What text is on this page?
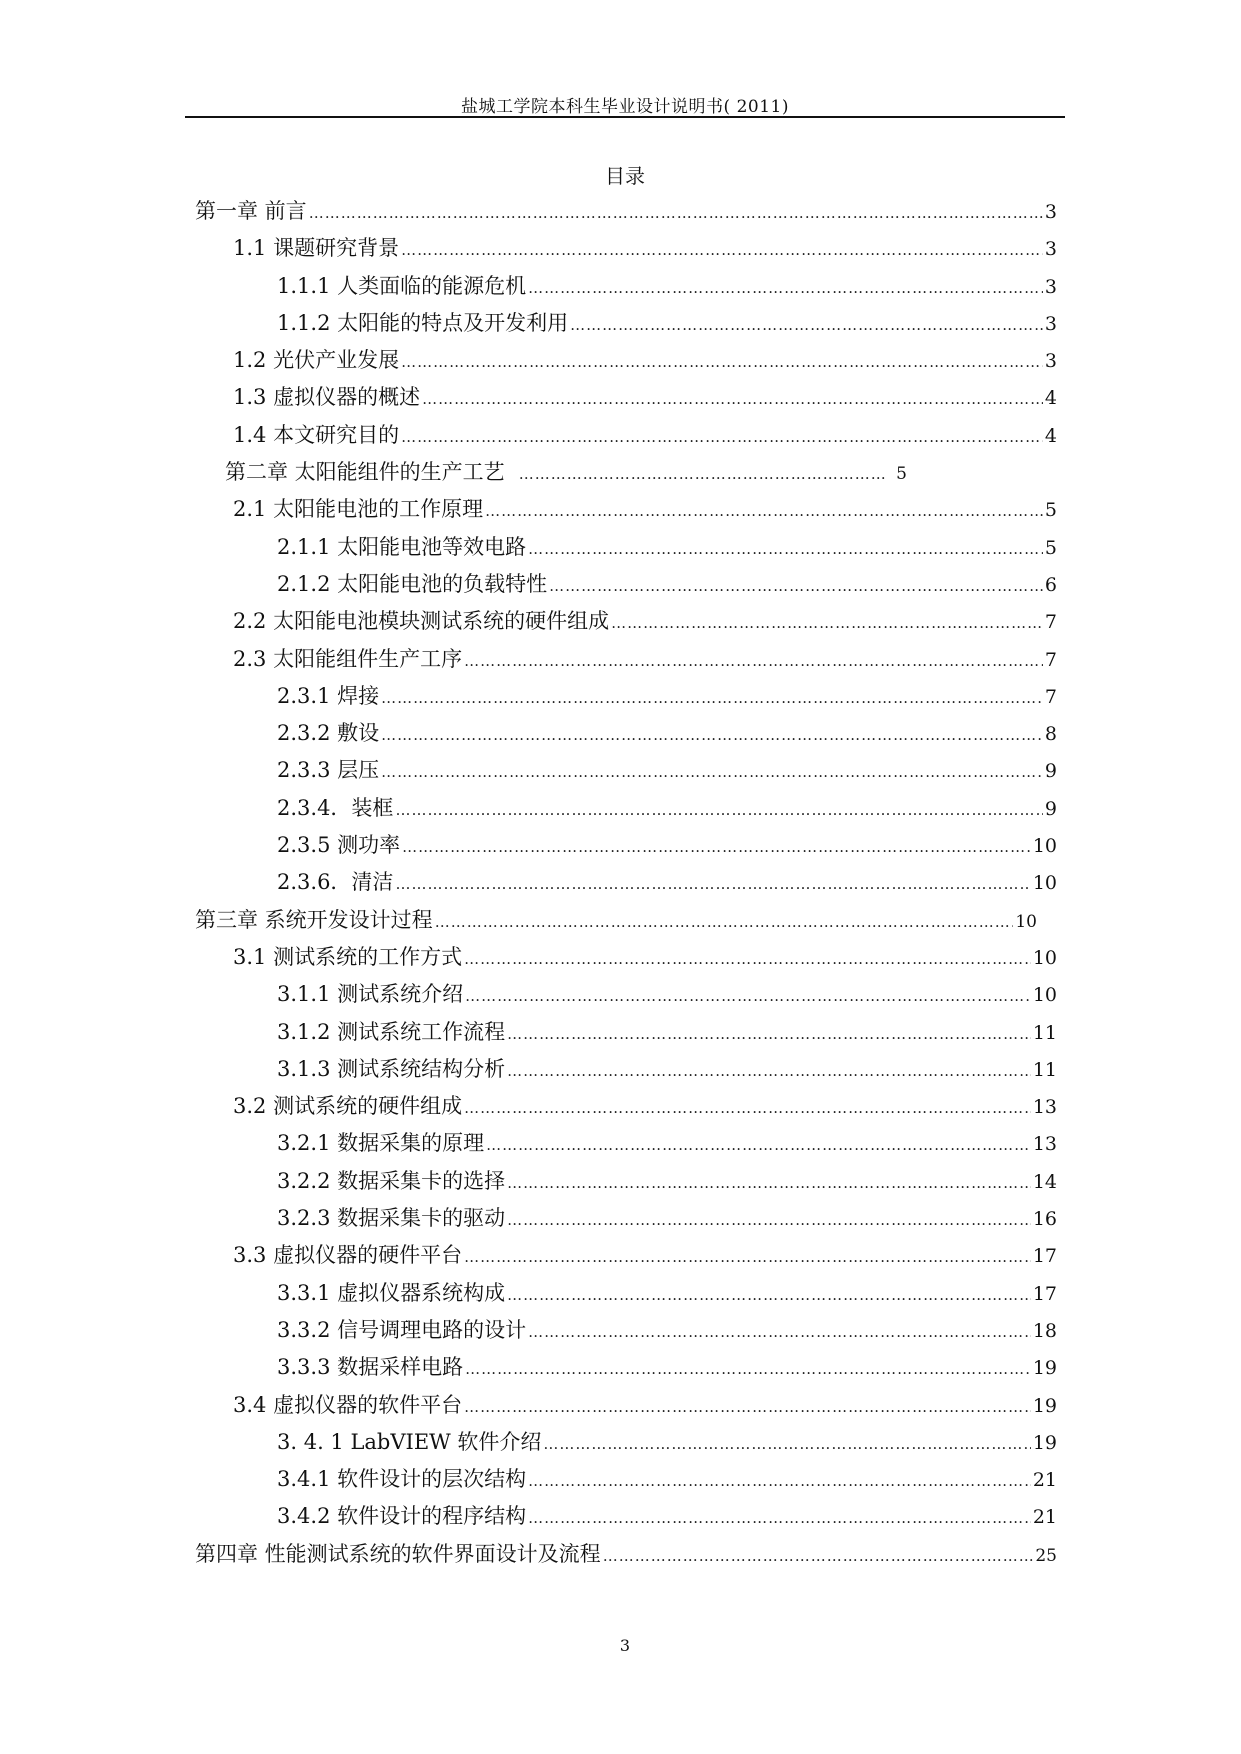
盐城工学院本科生毕业设计说明书( 2011)
目录
第一章 前言 ……………………………………………………………………………………………………………………………………………………………………………………………	3
1.1 课题研究背景 ……………………………………………………………………………………………………………………………………………………………………………………………	3
1.1.1 人类面临的能源危机 ……………………………………………………………………………………………………………………………………………………………………………………………	3
1.1.2 太阳能的特点及开发利用 ……………………………………………………………………………………………………………………………………………………………………………………………	3
1.2 光伏产业发展 ……………………………………………………………………………………………………………………………………………………………………………………………	3
1.3 虚拟仪器的概述 ……………………………………………………………………………………………………………………………………………………………………………………………	4
1.4 本文研究目的 ……………………………………………………………………………………………………………………………………………………………………………………………	4
第二章 太阳能组件的生产工艺 ……………………………………………………………………………………………………………………………………………………………………………………………	5
2.1 太阳能电池的工作原理 ……………………………………………………………………………………………………………………………………………………………………………………………	5
2.1.1 太阳能电池等效电路 ……………………………………………………………………………………………………………………………………………………………………………………………	5
2.1.2 太阳能电池的负载特性 ……………………………………………………………………………………………………………………………………………………………………………………………	6
2.2 太阳能电池模块测试系统的硬件组成 ……………………………………………………………………………………………………………………………………………………………………………………………	7
2.3 太阳能组件生产工序 ……………………………………………………………………………………………………………………………………………………………………………………………	7
2.3.1 焊接 ……………………………………………………………………………………………………………………………………………………………………………………………	7
2.3.2 敷设 ……………………………………………………………………………………………………………………………………………………………………………………………	8
2.3.3 层压 ……………………………………………………………………………………………………………………………………………………………………………………………	9
2.3.4．装框 ……………………………………………………………………………………………………………………………………………………………………………………………	9
2.3.5 测功率 ……………………………………………………………………………………………………………………………………………………………………………………………	10
2.3.6．清洁 ……………………………………………………………………………………………………………………………………………………………………………………………	10
第三章 系统开发设计过程 ……………………………………………………………………………………………………………………………………………………………………………………………	10
3.1 测试系统的工作方式 ……………………………………………………………………………………………………………………………………………………………………………………………	10
3.1.1 测试系统介绍 ……………………………………………………………………………………………………………………………………………………………………………………………	10
3.1.2 测试系统工作流程 ……………………………………………………………………………………………………………………………………………………………………………………………	11
3.1.3 测试系统结构分析 ……………………………………………………………………………………………………………………………………………………………………………………………	11
3.2 测试系统的硬件组成 ……………………………………………………………………………………………………………………………………………………………………………………………	13
3.2.1 数据采集的原理 ……………………………………………………………………………………………………………………………………………………………………………………………	13
3.2.2 数据采集卡的选择 ……………………………………………………………………………………………………………………………………………………………………………………………	14
3.2.3 数据采集卡的驱动 ……………………………………………………………………………………………………………………………………………………………………………………………	16
3.3 虚拟仪器的硬件平台 ……………………………………………………………………………………………………………………………………………………………………………………………	17
3.3.1 虚拟仪器系统构成 ……………………………………………………………………………………………………………………………………………………………………………………………	17
3.3.2 信号调理电路的设计 ……………………………………………………………………………………………………………………………………………………………………………………………	18
3.3.3 数据采样电路 ……………………………………………………………………………………………………………………………………………………………………………………………	19
3.4 虚拟仪器的软件平台 ……………………………………………………………………………………………………………………………………………………………………………………………	19
3. 4. 1 LabVIEW 软件介绍 ……………………………………………………………………………………………………………………………………………………………………………………………	19
3.4.1 软件设计的层次结构 ……………………………………………………………………………………………………………………………………………………………………………………………	21
3.4.2 软件设计的程序结构 ……………………………………………………………………………………………………………………………………………………………………………………………	21
第四章 性能测试系统的软件界面设计及流程 ……………………………………………………………………………………………………………………………………………………………………………………………	25
3
